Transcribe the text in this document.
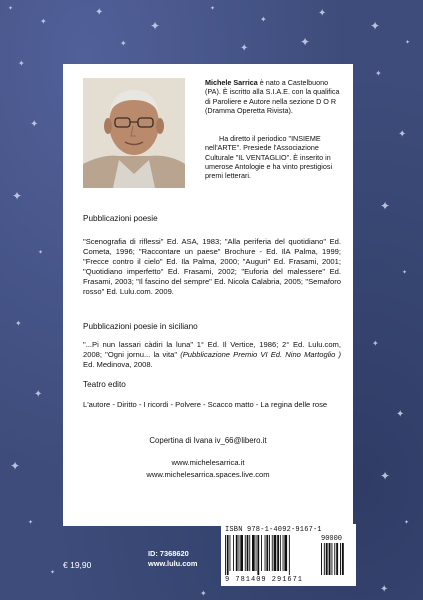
✦
✦
✦
✦
✦
✦
✦
✦
✦
✦
✦
✦
✦
✦
✦
✦
✦
✦
✦
✦
✦
✦
✦
✦
✦
✦	✦	✦
✦
✦	✦
Michele Sarrica è nato a Castelbuono (PA). È iscritto alla S.I.A.E. con la qualifica di Paroliere e Autore nella sezione D O R (Dramma Operetta Rivista).
Ha diretto il periodico "INSIEME nell'ARTE". Presiede l'Associazione Culturale "IL VENTAGLIO". È inserito in umerose Antologie e ha vinto prestigiosi premi letterari.
Pubblicazioni poesie
"Scenografia di riflessi" Ed. ASA, 1983; "Alla periferia del quotidiano" Ed. Cometa, 1996; "Raccontare un paese" Brochure - Ed. IlA Palma, 1999; "Frecce contro il cielo" Ed. Ila Palma, 2000; "Auguri" Ed. Frasami, 2001; "Quotidiano imperfetto" Ed. Frasami, 2002; "Euforia del malessere" Ed. Frasami, 2003; "Il fascino del sempre" Ed. Nicola Calabria, 2005; "Semaforo rosso" Ed. Lulu.com. 2009.
Pubblicazioni poesie in siciliano
"...Pi nun lassari càdiri la luna" 1° Ed. Il Vertice, 1986; 2° Ed. Lulu.com, 2008; "Ogni jornu... la vita" (Pubblicazione Premio VI Ed. Nino Martoglio ) Ed. Medinova, 2008.
Teatro edito
L'autore - Diritto - I ricordi - Polvere - Scacco matto - La regina delle rose
Copertina di Ivana iv_66@libero.it
www.michelesarrica.it
www.michelesarrica.spaces.live.com
€ 19,90
ID: 7368620
www.lulu.com
ISBN 978-1-4092-9167-1
90000
9 781409 291671
